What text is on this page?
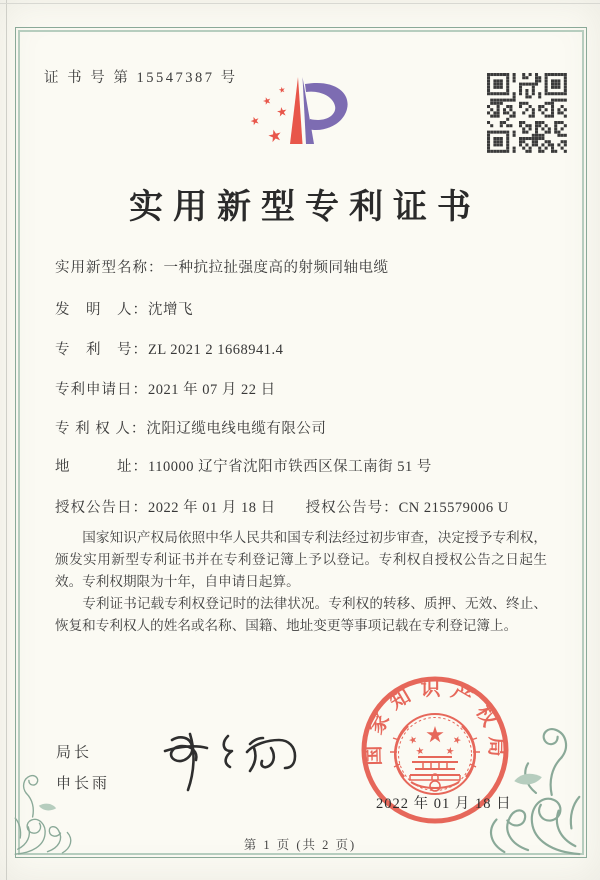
证 书 号 第 15547387 号
实用新型专利证书
实用新型名称：一种抗拉扯强度高的射频同轴电缆
发　明　人：沈增飞
专　利　号：ZL 2021 2 1668941.4
专利申请日：2021 年 07 月 22 日
专 利 权 人：沈阳辽缆电线电缆有限公司
地　　　址：110000 辽宁省沈阳市铁西区保工南街 51 号
授权公告日：2022 年 01 月 18 日 授权公告号：CN 215579006 U

国家知识产权局依照中华人民共和国专利法经过初步审查，决定授予专利权，颁发实用新型专利证书并在专利登记簿上予以登记。专利权自授权公告之日起生效。专利权期限为十年，自申请日起算。

专利证书记载专利权登记时的法律状况。专利权的转移、质押、无效、终止、恢复和专利权人的姓名或名称、国籍、地址变更等事项记载在专利登记簿上。

局长
申长雨
国家知识产权局
2022 年 01 月 18 日
第 1 页 (共 2 页)
